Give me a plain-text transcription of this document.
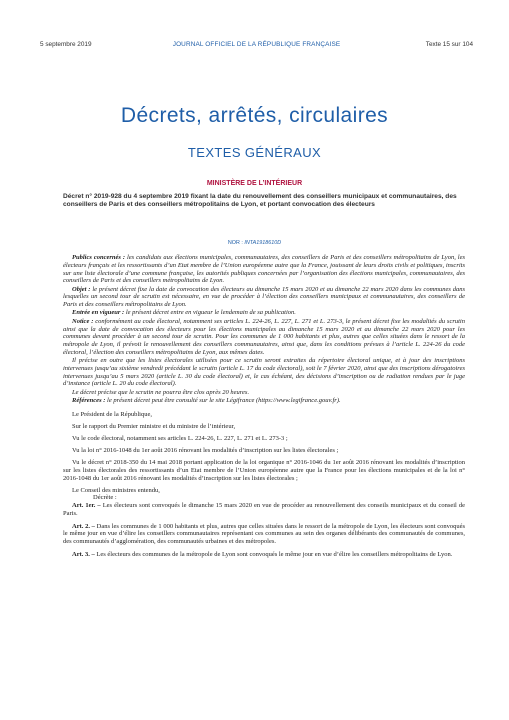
5 septembre 2019	JOURNAL OFFICIEL DE LA RÉPUBLIQUE FRANÇAISE	Texte 15 sur 104
Décrets, arrêtés, circulaires
TEXTES GÉNÉRAUX
MINISTÈRE DE L’INTÉRIEUR
Décret n° 2019-928 du 4 septembre 2019 fixant la date du renouvellement des conseillers municipaux et communautaires, des conseillers de Paris et des conseillers métropolitains de Lyon, et portant convocation des électeurs
NOR : INTA1918610D

Publics concernés : les candidats aux élections municipales, communautaires, des conseillers de Paris et des conseillers métropolitains de Lyon, les électeurs français et les ressortissants d’un Etat membre de l’Union européenne autre que la France, jouissant de leurs droits civils et politiques, inscrits sur une liste électorale d’une commune française, les autorités publiques concernées par l’organisation des élections municipales, communautaires, des conseillers de Paris et des conseillers métropolitains de Lyon.

Objet : le présent décret fixe la date de convocation des électeurs au dimanche 15 mars 2020 et au dimanche 22 mars 2020 dans les communes dans lesquelles un second tour de scrutin est nécessaire, en vue de procéder à l’élection des conseillers municipaux et communautaires, des conseillers de Paris et des conseillers métropolitains de Lyon.

Entrée en vigueur : le présent décret entre en vigueur le lendemain de sa publication.

Notice : conformément au code électoral, notamment ses articles L. 224-26, L. 227, L. 271 et L. 273-3, le présent décret fixe les modalités du scrutin ainsi que la date de convocation des électeurs pour les élections municipales au dimanche 15 mars 2020 et au dimanche 22 mars 2020 pour les communes devant procéder à un second tour de scrutin. Pour les communes de 1 000 habitants et plus, autres que celles situées dans le ressort de la métropole de Lyon, il prévoit le renouvellement des conseillers communautaires, ainsi que, dans les conditions prévues à l’article L. 224-26 du code électoral, l’élection des conseillers métropolitains de Lyon, aux mêmes dates.

Il précise en outre que les listes électorales utilisées pour ce scrutin seront extraites du répertoire électoral unique, et à jour des inscriptions intervenues jusqu’au sixième vendredi précédant le scrutin (article L. 17 du code électoral), soit le 7 février 2020, ainsi que des inscriptions dérogatoires intervenues jusqu’au 5 mars 2020 (article L. 30 du code électoral) et, le cas échéant, des décisions d’inscription ou de radiation rendues par le juge d’instance (article L. 20 du code électoral).

Le décret précise que le scrutin ne pourra être clos après 20 heures.

Références : le présent décret peut être consulté sur le site Légifrance (https://www.legifrance.gouv.fr).

Le Président de la République,

Sur le rapport du Premier ministre et du ministre de l’intérieur,

Vu le code électoral, notamment ses articles L. 224-26, L. 227, L. 271 et L. 273-3 ;

Vu la loi n° 2016-1048 du 1er août 2016 rénovant les modalités d’inscription sur les listes électorales ;

Vu le décret n° 2018-350 du 14 mai 2018 portant application de la loi organique n° 2016-1046 du 1er août 2016 rénovant les modalités d’inscription sur les listes électorales des ressortissants d’un Etat membre de l’Union européenne autre que la France pour les élections municipales et de la loi n° 2016-1048 du 1er août 2016 rénovant les modalités d’inscription sur les listes électorales ;

Le Conseil des ministres entendu,

Décrète :

Art. 1er. – Les électeurs sont convoqués le dimanche 15 mars 2020 en vue de procéder au renouvellement des conseils municipaux et du conseil de Paris.

Art. 2. – Dans les communes de 1 000 habitants et plus, autres que celles situées dans le ressort de la métropole de Lyon, les électeurs sont convoqués le même jour en vue d’élire les conseillers communautaires représentant ces communes au sein des organes délibérants des communautés de communes, des communautés d’agglomération, des communautés urbaines et des métropoles.

Art. 3. – Les électeurs des communes de la métropole de Lyon sont convoqués le même jour en vue d’élire les conseillers métropolitains de Lyon.
